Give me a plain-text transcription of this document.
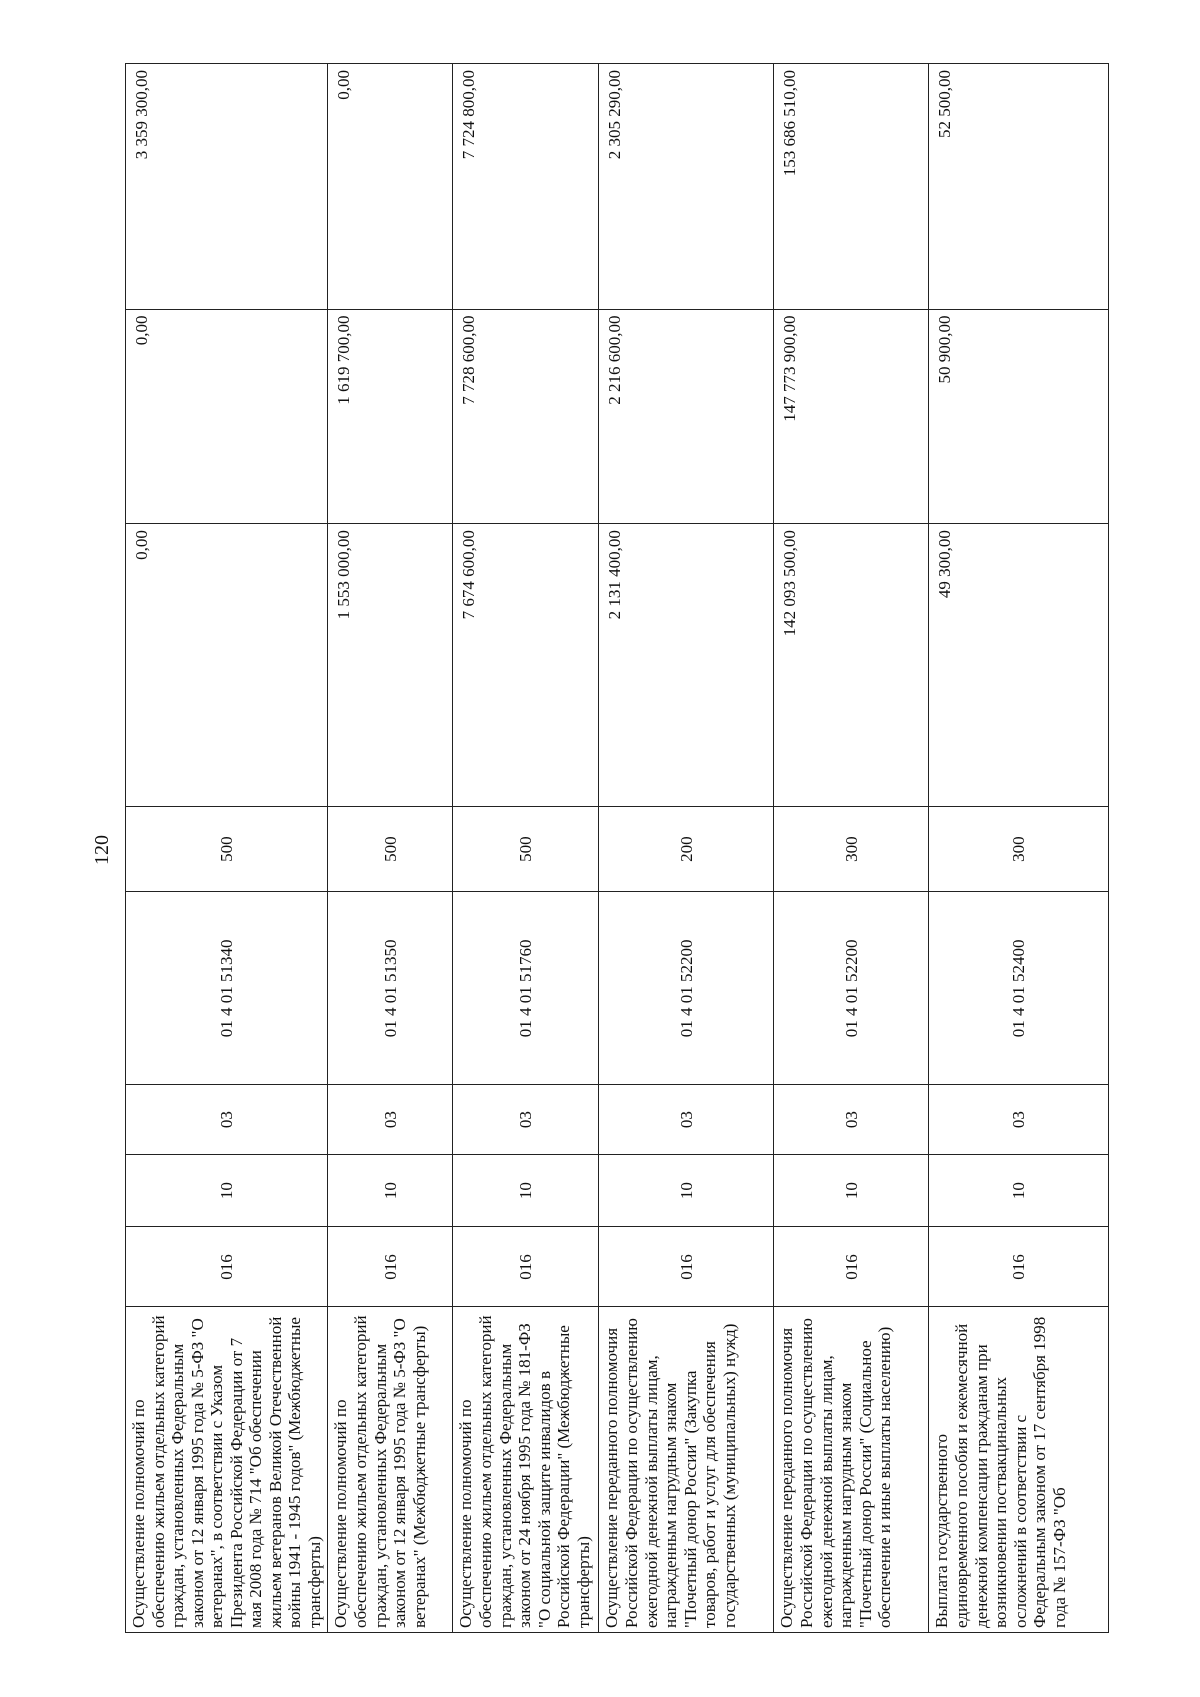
120
Осуществление полномочий по обеспечению жильем отдельных категорий граждан, установленных Федеральным законом от 12 января 1995 года № 5-ФЗ "О ветеранах", в соответствии с Указом Президента Российской Федерации от 7 мая 2008 года № 714 "Об обеспечении жильем ветеранов Великой Отечественной войны 1941 - 1945 годов" (Межбюджетные трансферты)	016	10	03	01 4 01 51340	500	0,00	0,00	3 359 300,00
Осуществление полномочий по обеспечению жильем отдельных категорий граждан, установленных Федеральным законом от 12 января 1995 года № 5-ФЗ "О ветеранах" (Межбюджетные трансферты)	016	10	03	01 4 01 51350	500	1 553 000,00	1 619 700,00	0,00
Осуществление полномочий по обеспечению жильем отдельных категорий граждан, установленных Федеральным законом от 24 ноября 1995 года № 181-ФЗ "О социальной защите инвалидов в Российской Федерации" (Межбюджетные трансферты)	016	10	03	01 4 01 51760	500	7 674 600,00	7 728 600,00	7 724 800,00
Осуществление переданного полномочия Российской Федерации по осуществлению ежегодной денежной выплаты лицам, награжденным нагрудным знаком "Почетный донор России" (Закупка товаров, работ и услуг для обеспечения государственных (муниципальных) нужд)	016	10	03	01 4 01 52200	200	2 131 400,00	2 216 600,00	2 305 290,00
Осуществление переданного полномочия Российской Федерации по осуществлению ежегодной денежной выплаты лицам, награжденным нагрудным знаком "Почетный донор России" (Социальное обеспечение и иные выплаты населению)	016	10	03	01 4 01 52200	300	142 093 500,00	147 773 900,00	153 686 510,00
Выплата государственного единовременного пособия и ежемесячной денежной компенсации гражданам при возникновении поствакцинальных осложнений в соответствии с Федеральным законом от 17 сентября 1998 года № 157-ФЗ "Об	016	10	03	01 4 01 52400	300	49 300,00	50 900,00	52 500,00
